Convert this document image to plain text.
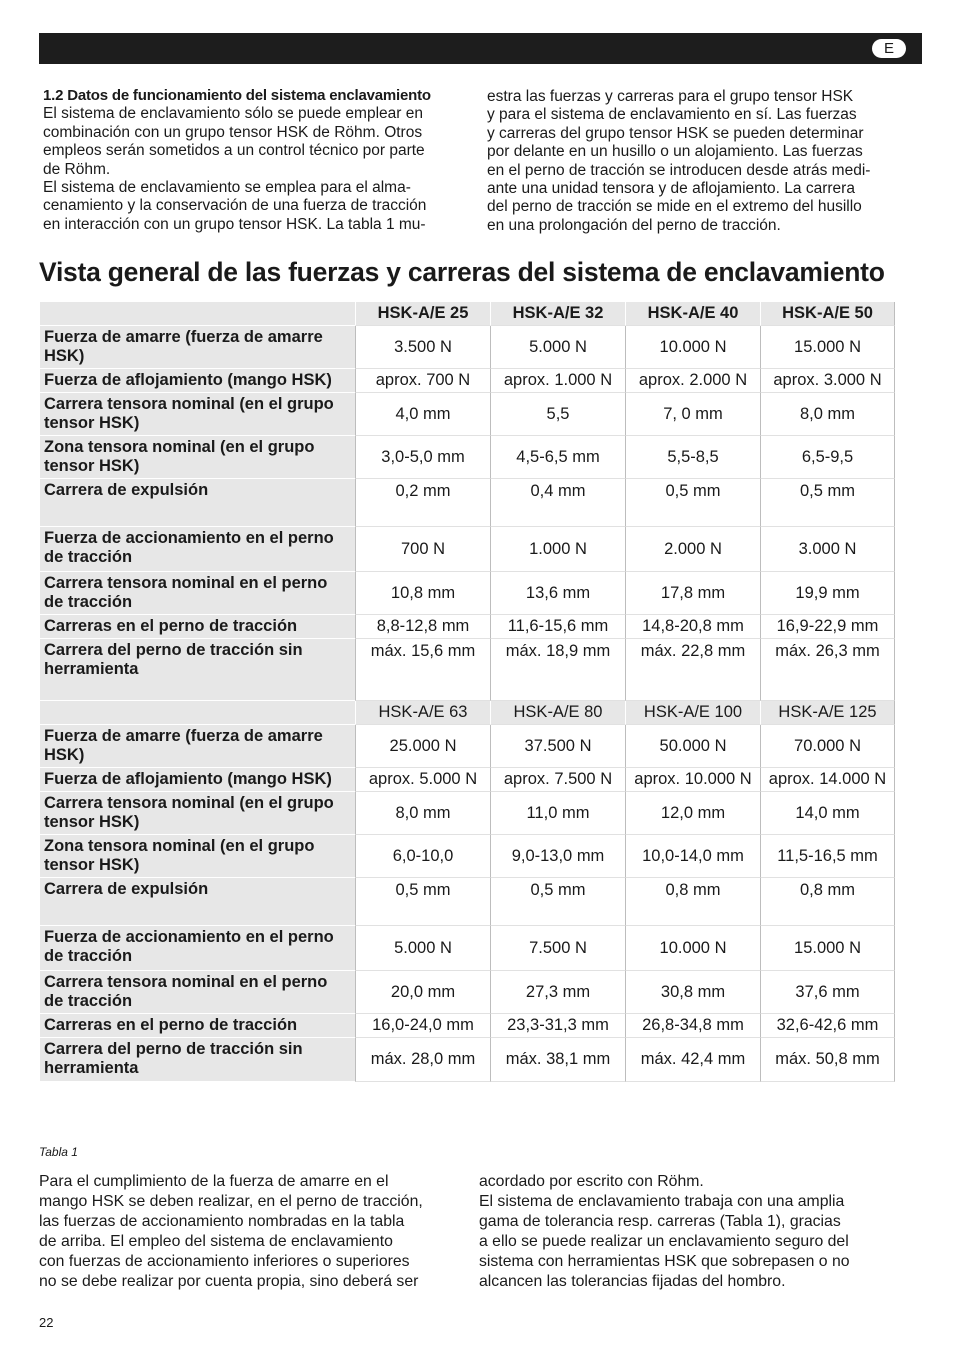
E
1.2 Datos de funcionamiento del sistema enclavamiento
El sistema de enclavamiento sólo se puede emplear en
combinación con un grupo tensor HSK de Röhm. Otros
empleos serán sometidos a un control técnico por parte
de Röhm.
El sistema de enclavamiento se emplea para el alma-
cenamiento y la conservación de una fuerza de tracción
en interacción con un grupo tensor HSK. La tabla 1 mu-
estra las fuerzas y carreras para el grupo tensor HSK
y para el sistema de enclavamiento en sí. Las fuerzas
y carreras del grupo tensor HSK se pueden determinar
por delante en un husillo o un alojamiento. Las fuerzas
en el perno de tracción se introducen desde atrás medi-
ante una unidad tensora y de aflojamiento. La carrera
del perno de tracción se mide en el extremo del husillo
en una prolongación del perno de tracción.
Vista general de las fuerzas y carreras del sistema de enclavamiento
	HSK-A/E 25	HSK-A/E 32	HSK-A/E 40	HSK-A/E 50
Fuerza de amarre (fuerza de amarre HSK)	3.500 N	5.000 N	10.000 N	15.000 N
Fuerza de aflojamiento (mango HSK)	aprox. 700 N	aprox. 1.000 N	aprox. 2.000 N	aprox. 3.000 N
Carrera tensora nominal (en el grupo tensor HSK)	4,0 mm	5,5	7, 0 mm	8,0 mm
Zona tensora nominal (en el grupo tensor HSK)	3,0-5,0 mm	4,5-6,5 mm	5,5-8,5	6,5-9,5
Carrera de expulsión	0,2 mm	0,4 mm	0,5 mm	0,5 mm
Fuerza de accionamiento en el perno de tracción	700 N	1.000 N	2.000 N	3.000 N
Carrera tensora nominal en el perno de tracción	10,8 mm	13,6 mm	17,8 mm	19,9 mm
Carreras en el perno de tracción	8,8-12,8 mm	11,6-15,6 mm	14,8-20,8 mm	16,9-22,9 mm
Carrera del perno de tracción sin herramienta	máx. 15,6 mm	máx. 18,9 mm	máx. 22,8 mm	máx. 26,3 mm
	HSK-A/E 63	HSK-A/E 80	HSK-A/E 100	HSK-A/E 125
Fuerza de amarre (fuerza de amarre HSK)	25.000 N	37.500 N	50.000 N	70.000 N
Fuerza de aflojamiento (mango HSK)	aprox. 5.000 N	aprox. 7.500 N	aprox. 10.000 N	aprox. 14.000 N
Carrera tensora nominal (en el grupo tensor HSK)	8,0 mm	11,0 mm	12,0 mm	14,0 mm
Zona tensora nominal (en el grupo tensor HSK)	6,0-10,0	9,0-13,0 mm	10,0-14,0 mm	11,5-16,5 mm
Carrera de expulsión	0,5 mm	0,5 mm	0,8 mm	0,8 mm
Fuerza de accionamiento en el perno de tracción	5.000 N	7.500 N	10.000 N	15.000 N
Carrera tensora nominal en el perno de tracción	20,0 mm	27,3 mm	30,8 mm	37,6 mm
Carreras en el perno de tracción	16,0-24,0 mm	23,3-31,3 mm	26,8-34,8 mm	32,6-42,6 mm
Carrera del perno de tracción sin herramienta	máx. 28,0 mm	máx. 38,1 mm	máx. 42,4 mm	máx. 50,8 mm
Tabla 1
Para el cumplimiento de la fuerza de amarre en el
mango HSK se deben realizar, en el perno de tracción,
las fuerzas de accionamiento nombradas en la tabla
de arriba. El empleo del sistema de enclavamiento
con fuerzas de accionamiento inferiores o superiores
no se debe realizar por cuenta propia, sino deberá ser
acordado por escrito con Röhm.
El sistema de enclavamiento trabaja con una amplia
gama de tolerancia resp. carreras (Tabla 1), gracias
a ello se puede realizar un enclavamiento seguro del
sistema con herramientas HSK que sobrepasen o no
alcancen las tolerancias fijadas del hombro.
22
